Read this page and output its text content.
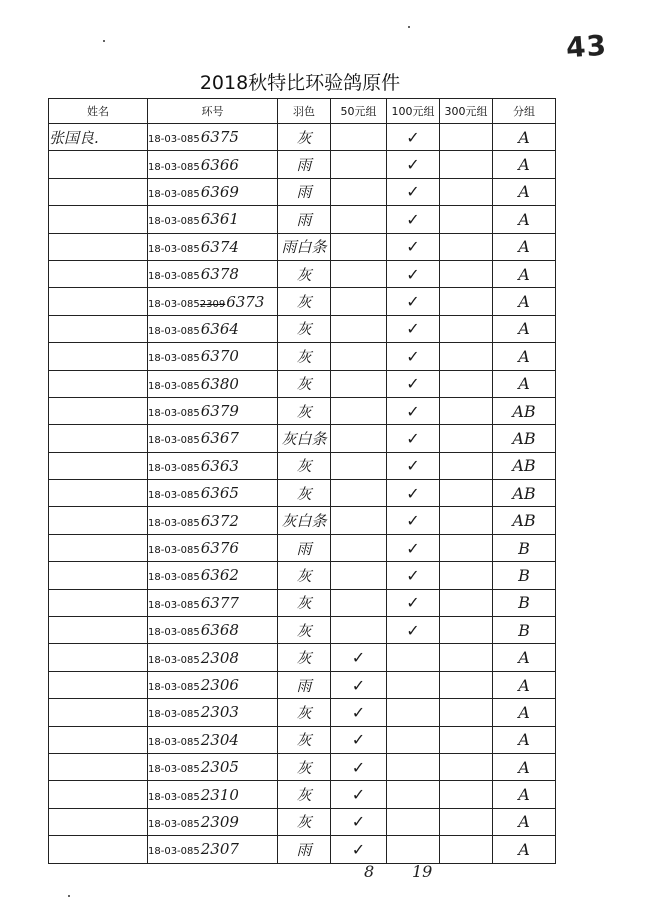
43
2018秋特比环验鸽原件
姓名	环号	羽色	50元组	100元组	300元组	分组
张国良.	18-03-0856375	灰		✓		A
	18-03-0856366	雨		✓		A
	18-03-0856369	雨		✓		A
	18-03-0856361	雨		✓		A
	18-03-0856374	雨白条		✓		A
	18-03-0856378	灰		✓		A
	18-03-08523096373	灰		✓		A
	18-03-0856364	灰		✓		A
	18-03-0856370	灰		✓		A
	18-03-0856380	灰		✓		A
	18-03-0856379	灰		✓		AB
	18-03-0856367	灰白条		✓		AB
	18-03-0856363	灰		✓		AB
	18-03-0856365	灰		✓		AB
	18-03-0856372	灰白条		✓		AB
	18-03-0856376	雨		✓		B
	18-03-0856362	灰		✓		B
	18-03-0856377	灰		✓		B
	18-03-0856368	灰		✓		B
	18-03-0852308	灰	✓			A
	18-03-0852306	雨	✓			A
	18-03-0852303	灰	✓			A
	18-03-0852304	灰	✓			A
	18-03-0852305	灰	✓			A
	18-03-0852310	灰	✓			A
	18-03-0852309	灰	✓			A
	18-03-0852307	雨	✓			A
8 19
